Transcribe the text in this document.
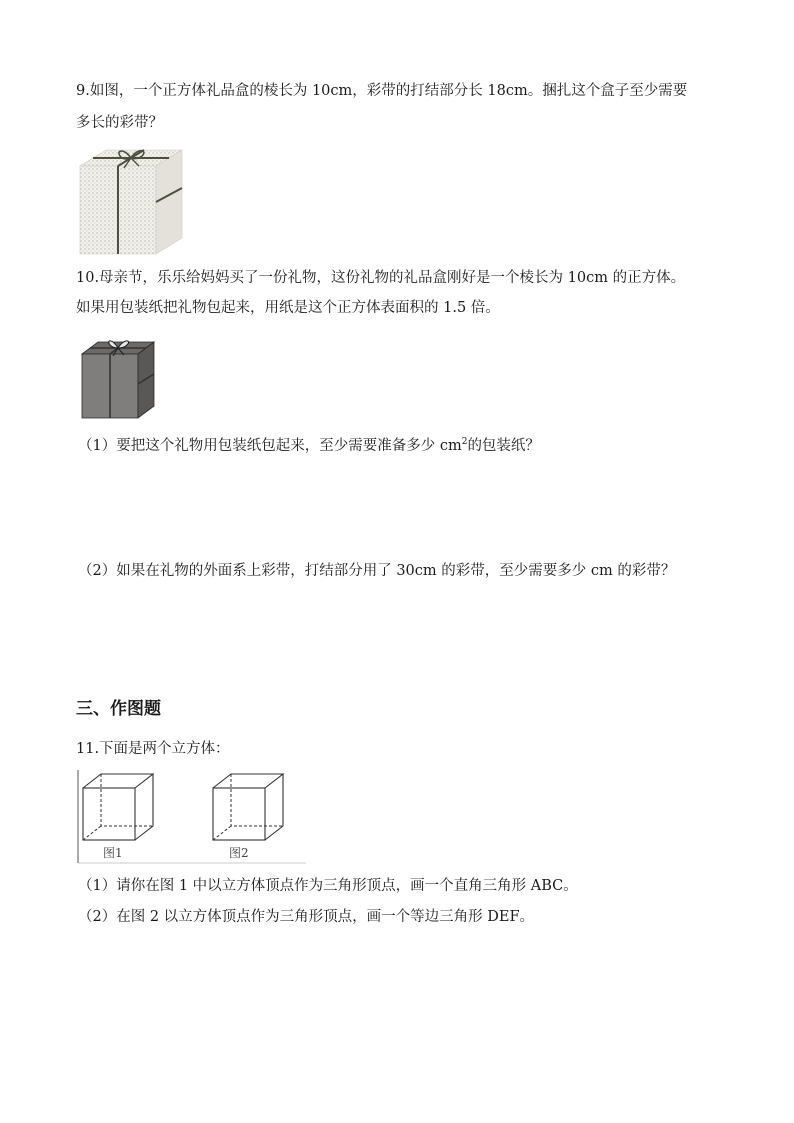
9.如图，一个正方体礼品盒的棱长为 10cm，彩带的打结部分长 18cm。捆扎这个盒子至少需要
多长的彩带？
10.母亲节，乐乐给妈妈买了一份礼物，这份礼物的礼品盒刚好是一个棱长为 10cm 的正方体。
如果用包装纸把礼物包起来，用纸是这个正方体表面积的 1.5 倍。
（1）要把这个礼物用包装纸包起来，至少需要准备多少 $cm^2$的包装纸？
（2）如果在礼物的外面系上彩带，打结部分用了 30cm 的彩带，至少需要多少 cm 的彩带？
三、作图题
11.下面是两个立方体：
图1	图2
（1）请你在图 1 中以立方体顶点作为三角形顶点，画一个直角三角形 ABC。
（2）在图 2 以立方体顶点作为三角形顶点，画一个等边三角形 DEF。
